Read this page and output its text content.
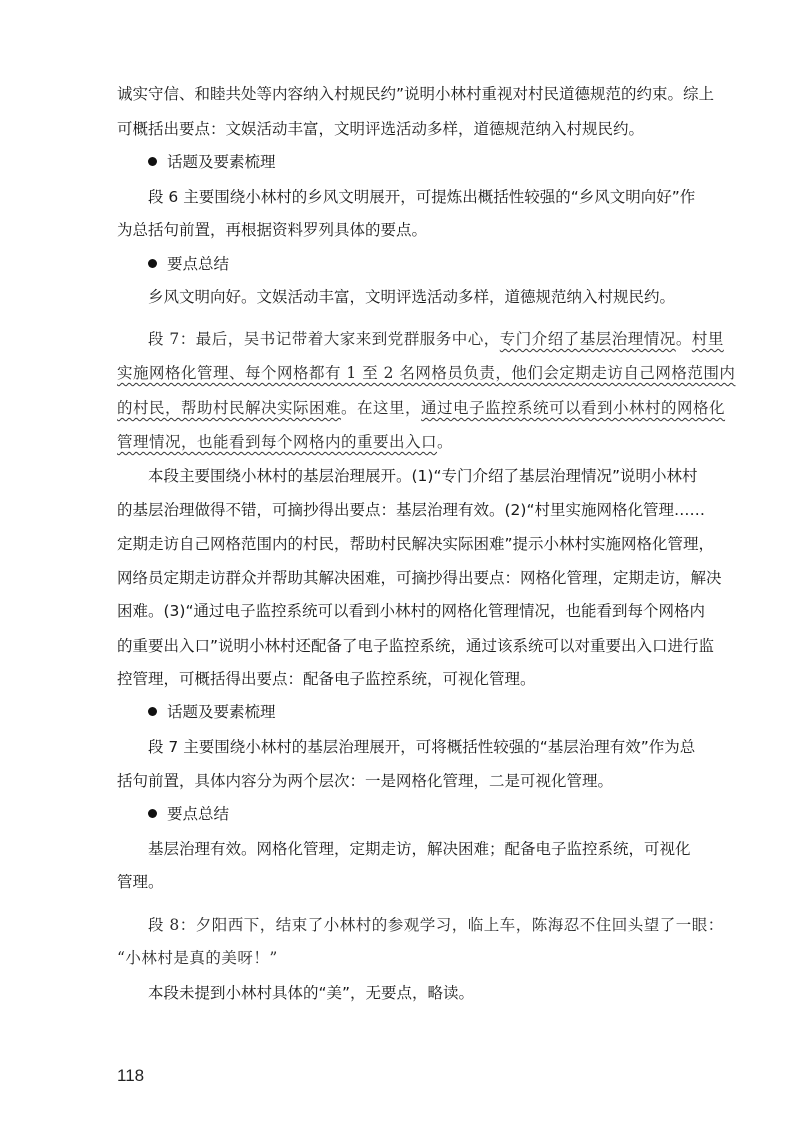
诚实守信、和睦共处等内容纳入村规民约”说明小林村重视对村民道德规范的约束。综上
可概括出要点：文娱活动丰富，文明评选活动多样，道德规范纳入村规民约。
话题及要素梳理
段 6 主要围绕小林村的乡风文明展开，可提炼出概括性较强的“乡风文明向好”作
为总括句前置，再根据资料罗列具体的要点。
要点总结
乡风文明向好。文娱活动丰富，文明评选活动多样，道德规范纳入村规民约。
段 7：最后，吴书记带着大家来到党群服务中心，专门介绍了基层治理情况。村里
实施网格化管理、每个网格都有 1 至 2 名网格员负责，他们会定期走访自己网格范围内
的村民，帮助村民解决实际困难。在这里，通过电子监控系统可以看到小林村的网格化
管理情况，也能看到每个网格内的重要出入口。
本段主要围绕小林村的基层治理展开。(1)“专门介绍了基层治理情况”说明小林村
的基层治理做得不错，可摘抄得出要点：基层治理有效。(2)“村里实施网格化管理……
定期走访自己网格范围内的村民，帮助村民解决实际困难”提示小林村实施网格化管理，
网络员定期走访群众并帮助其解决困难，可摘抄得出要点：网格化管理，定期走访，解决
困难。(3)“通过电子监控系统可以看到小林村的网格化管理情况，也能看到每个网格内
的重要出入口”说明小林村还配备了电子监控系统，通过该系统可以对重要出入口进行监
控管理，可概括得出要点：配备电子监控系统，可视化管理。
话题及要素梳理
段 7 主要围绕小林村的基层治理展开，可将概括性较强的“基层治理有效”作为总
括句前置，具体内容分为两个层次：一是网格化管理，二是可视化管理。
要点总结
基层治理有效。网格化管理，定期走访，解决困难；配备电子监控系统，可视化
管理。
段 8：夕阳西下，结束了小林村的参观学习，临上车，陈海忍不住回头望了一眼：
“小林村是真的美呀！”
本段未提到小林村具体的“美”，无要点，略读。
118
